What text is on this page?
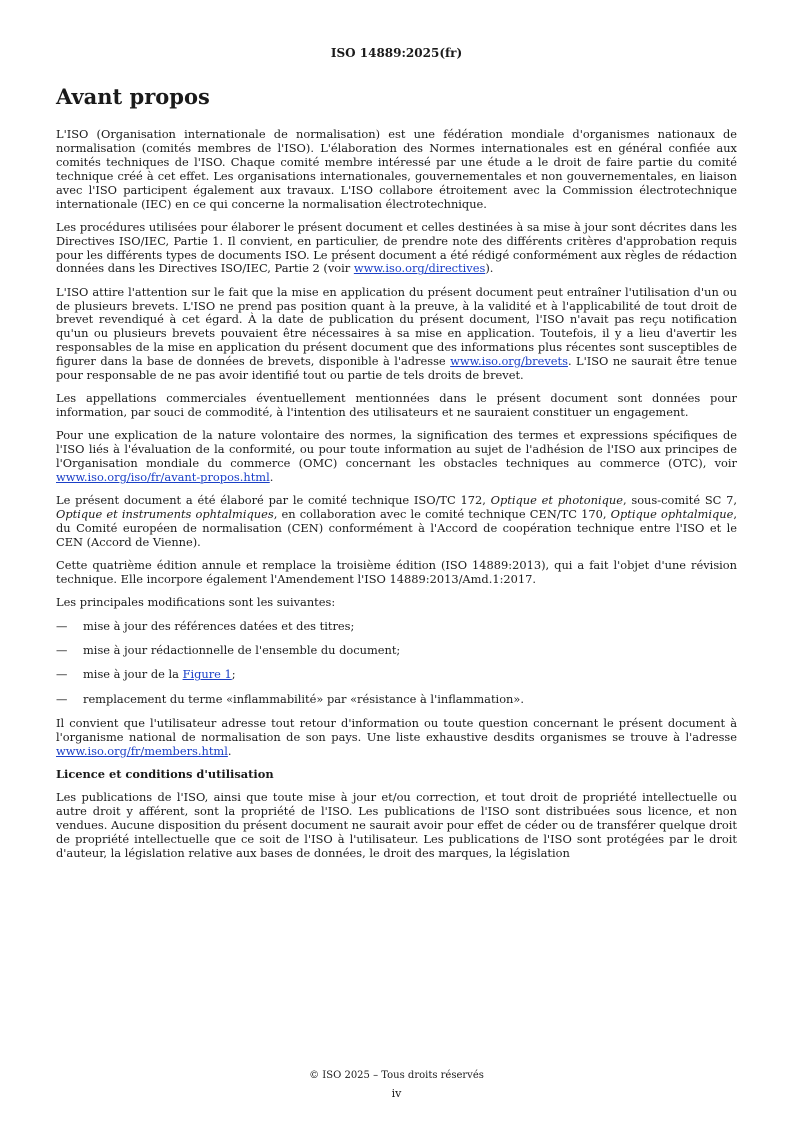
ISO 14889:2025(fr)
Avant propos

L'ISO (Organisation internationale de normalisation) est une fédération mondiale d'organismes nationaux de normalisation (comités membres de l'ISO). L'élaboration des Normes internationales est en général confiée aux comités techniques de l'ISO. Chaque comité membre intéressé par une étude a le droit de faire partie du comité technique créé à cet effet. Les organisations internationales, gouvernementales et non gouvernementales, en liaison avec l'ISO participent également aux travaux. L'ISO collabore étroitement avec la Commission électrotechnique internationale (IEC) en ce qui concerne la normalisation électrotechnique.

Les procédures utilisées pour élaborer le présent document et celles destinées à sa mise à jour sont décrites dans les Directives ISO/IEC, Partie 1. Il convient, en particulier, de prendre note des différents critères d'approbation requis pour les différents types de documents ISO. Le présent document a été rédigé conformément aux règles de rédaction données dans les Directives ISO/IEC, Partie 2 (voir www.iso.org/directives).

L'ISO attire l'attention sur le fait que la mise en application du présent document peut entraîner l'utilisation d'un ou de plusieurs brevets. L'ISO ne prend pas position quant à la preuve, à la validité et à l'applicabilité de tout droit de brevet revendiqué à cet égard. À la date de publication du présent document, l'ISO n'avait pas reçu notification qu'un ou plusieurs brevets pouvaient être nécessaires à sa mise en application. Toutefois, il y a lieu d'avertir les responsables de la mise en application du présent document que des informations plus récentes sont susceptibles de figurer dans la base de données de brevets, disponible à l'adresse www.iso.org/brevets. L'ISO ne saurait être tenue pour responsable de ne pas avoir identifié tout ou partie de tels droits de brevet.

Les appellations commerciales éventuellement mentionnées dans le présent document sont données pour information, par souci de commodité, à l'intention des utilisateurs et ne sauraient constituer un engagement.

Pour une explication de la nature volontaire des normes, la signification des termes et expressions spécifiques de l'ISO liés à l'évaluation de la conformité, ou pour toute information au sujet de l'adhésion de l'ISO aux principes de l'Organisation mondiale du commerce (OMC) concernant les obstacles techniques au commerce (OTC), voir www.iso.org/iso/fr/avant-propos.html.

Le présent document a été élaboré par le comité technique ISO/TC 172, Optique et photonique, sous-comité SC 7, Optique et instruments ophtalmiques, en collaboration avec le comité technique CEN/TC 170, Optique ophtalmique, du Comité européen de normalisation (CEN) conformément à l'Accord de coopération technique entre l'ISO et le CEN (Accord de Vienne).

Cette quatrième édition annule et remplace la troisième édition (ISO 14889:2013), qui a fait l'objet d'une révision technique. Elle incorpore également l'Amendement l'ISO 14889:2013/Amd.1:2017.

Les principales modifications sont les suivantes:

— mise à jour des références datées et des titres;
— mise à jour rédactionnelle de l'ensemble du document;
— mise à jour de la Figure 1;
— remplacement du terme «inflammabilité» par «résistance à l'inflammation».

Il convient que l'utilisateur adresse tout retour d'information ou toute question concernant le présent document à l'organisme national de normalisation de son pays. Une liste exhaustive desdits organismes se trouve à l'adresse www.iso.org/fr/members.html.

Licence et conditions d'utilisation

Les publications de l'ISO, ainsi que toute mise à jour et/ou correction, et tout droit de propriété intellectuelle ou autre droit y afférent, sont la propriété de l'ISO. Les publications de l'ISO sont distribuées sous licence, et non vendues. Aucune disposition du présent document ne saurait avoir pour effet de céder ou de transférer quelque droit de propriété intellectuelle que ce soit de l'ISO à l'utilisateur. Les publications de l'ISO sont protégées par le droit d'auteur, la législation relative aux bases de données, le droit des marques, la législation

© ISO 2025 – Tous droits réservés
iv
